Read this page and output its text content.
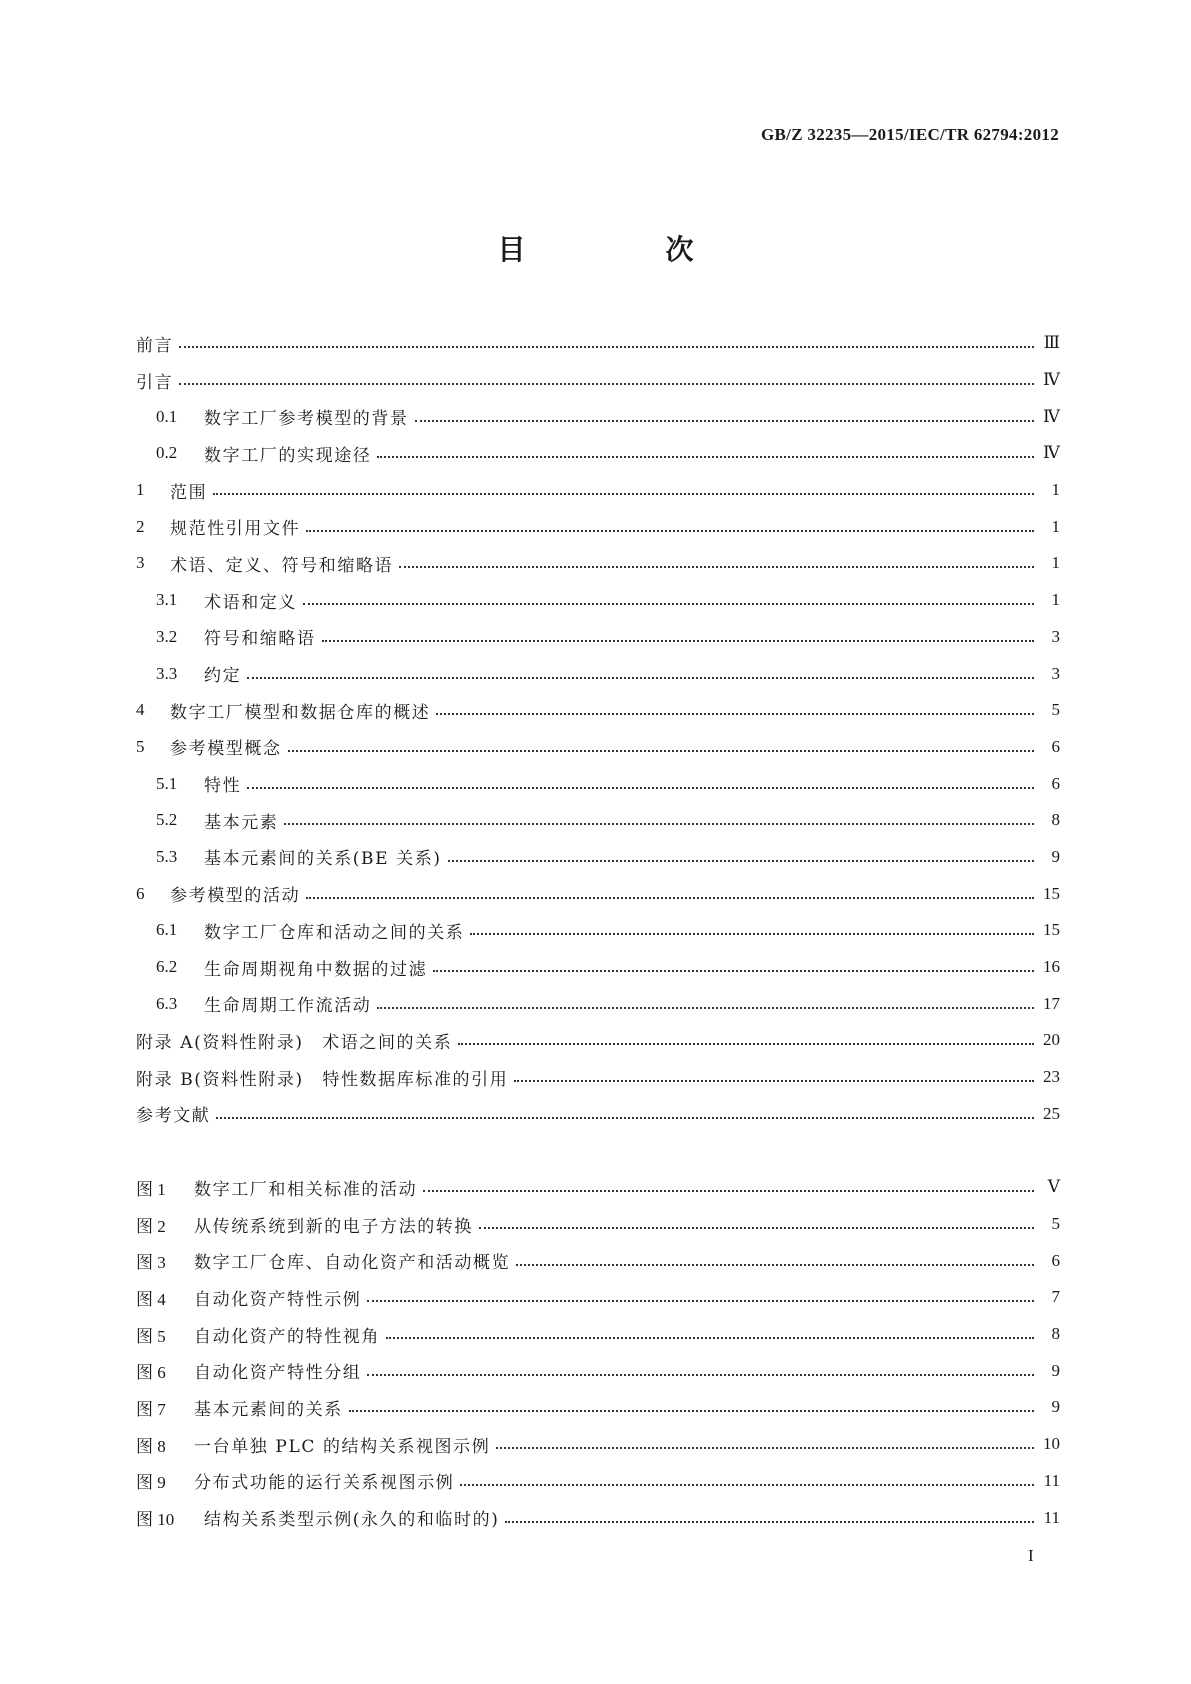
GB/Z 32235—2015/IEC/TR 62794:2012
目　次
前言	Ⅲ
引言	Ⅳ
0.1	数字工厂参考模型的背景	Ⅳ
0.2	数字工厂的实现途径	Ⅳ
1	范围	1
2	规范性引用文件	1
3	术语、定义、符号和缩略语	1
3.1	术语和定义	1
3.2	符号和缩略语	3
3.3	约定	3
4	数字工厂模型和数据仓库的概述	5
5	参考模型概念	6
5.1	特性	6
5.2	基本元素	8
5.3	基本元素间的关系(BE 关系)	9
6	参考模型的活动	15
6.1	数字工厂仓库和活动之间的关系	15
6.2	生命周期视角中数据的过滤	16
6.3	生命周期工作流活动	17
附录 A(资料性附录)　术语之间的关系	20
附录 B(资料性附录)　特性数据库标准的引用	23
参考文献	25
图 1	数字工厂和相关标准的活动	Ⅴ
图 2	从传统系统到新的电子方法的转换	5
图 3	数字工厂仓库、自动化资产和活动概览	6
图 4	自动化资产特性示例	7
图 5	自动化资产的特性视角	8
图 6	自动化资产特性分组	9
图 7	基本元素间的关系	9
图 8	一台单独 PLC 的结构关系视图示例	10
图 9	分布式功能的运行关系视图示例	11
图 10	结构关系类型示例(永久的和临时的)	11
I
